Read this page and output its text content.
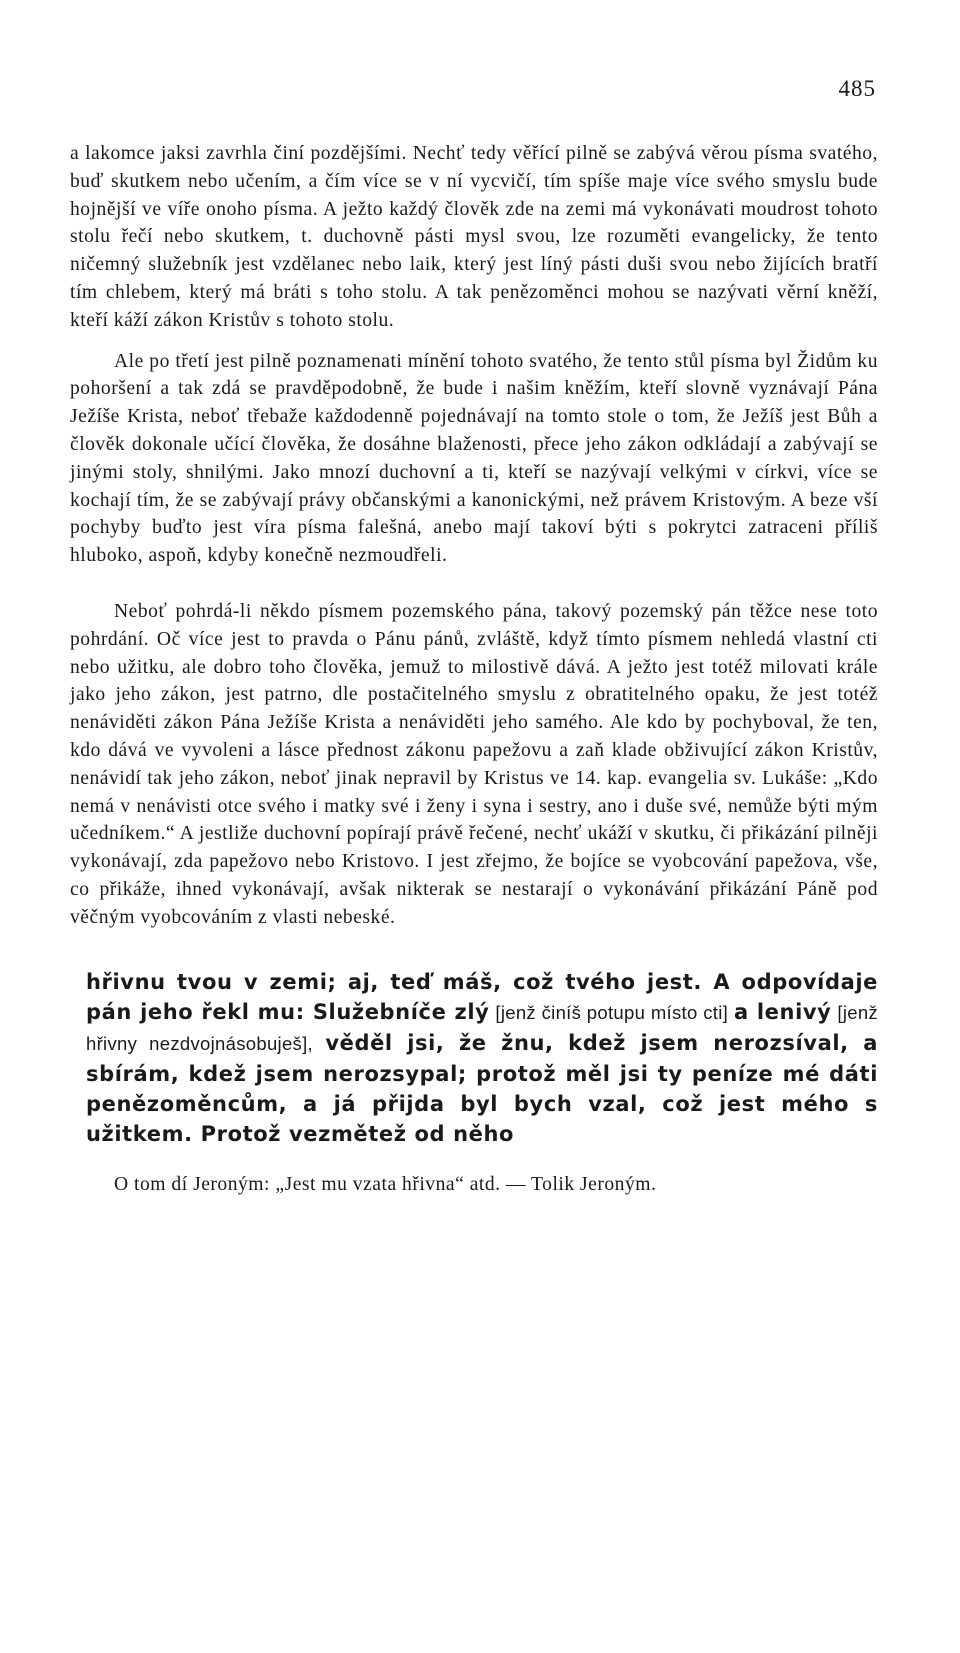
485

a lakomce jaksi zavrhla činí pozdějšími. Nechť tedy věřící pilně se zabývá věrou písma svatého, buď skutkem nebo učením, a čím více se v ní vycvičí, tím spíše maje více svého smyslu bude hojnější ve víře onoho písma. A ježto každý člověk zde na zemi má vykonávati moudrost tohoto stolu řečí nebo skutkem, t. duchovně pásti mysl svou, lze rozuměti evangelicky, že tento ničemný služebník jest vzdělanec nebo laik, který jest líný pásti duši svou nebo žijících bratří tím chlebem, který má bráti s toho stolu. A tak penězoměnci mohou se nazývati věrní kněží, kteří káží zákon Kristův s tohoto stolu.

Ale po třetí jest pilně poznamenati mínění tohoto svatého, že tento stůl písma byl Židům ku pohoršení a tak zdá se pravděpodobně, že bude i našim kněžím, kteří slovně vyznávají Pána Ježíše Krista, neboť třebaže každodenně pojednávají na tomto stole o tom, že Ježíš jest Bůh a člověk dokonale učící člověka, že dosáhne blaženosti, přece jeho zákon odkládají a zabývají se jinými stoly, shnilými. Jako mnozí duchovní a ti, kteří se nazývají velkými v církvi, více se kochají tím, že se zabývají právy občanskými a kanonickými, než právem Kristovým. A beze vší pochyby buďto jest víra písma falešná, anebo mají takoví býti s pokrytci zatraceni příliš hluboko, aspoň, kdyby konečně nezmoudřeli.

Neboť pohrdá-li někdo písmem pozemského pána, takový pozemský pán těžce nese toto pohrdání. Oč více jest to pravda o Pánu pánů, zvláště, když tímto písmem nehledá vlastní cti nebo užitku, ale dobro toho člověka, jemuž to milostivě dává. A ježto jest totéž milovati krále jako jeho zákon, jest patrno, dle postačitelného smyslu z obratitelného opaku, že jest totéž nenáviděti zákon Pána Ježíše Krista a nenáviděti jeho samého. Ale kdo by pochyboval, že ten, kdo dává ve vyvoleni a lásce přednost zákonu papežovu a zaň klade obživující zákon Kristův, nenávidí tak jeho zákon, neboť jinak nepravil by Kristus ve 14. kap. evangelia sv. Lukáše: „Kdo nemá v nenávisti otce svého i matky své i ženy i syna i sestry, ano i duše své, nemůže býti mým učedníkem.“ A jestliže duchovní popírají právě řečené, nechť ukáží v skutku, či přikázání pilněji vykonávají, zda papežovo nebo Kristovo. I jest zřejmo, že bojíce se vyobcování papežova, vše, co přikáže, ihned vykonávají, avšak nikterak se nestarají o vykonávání přikázání Páně pod věčným vyobcováním z vlasti nebeské.

hřivnu tvou v zemi; aj, teď máš, což tvého jest. A odpovídaje pán jeho řekl mu: Služebníče zlý [jenž činíš potupu místo cti] a lenivý [jenž hřivny nezdvojnásobuješ], věděl jsi, že žnu, kdež jsem nerozsíval, a sbírám, kdež jsem nerozsypal; protož měl jsi ty peníze mé dáti penězoměncům, a já přijda byl bych vzal, což jest mého s užitkem. Protož vezmětež od něho

O tom dí Jeroným: „Jest mu vzata hřivna“ atd. — Tolik Jeroným.
